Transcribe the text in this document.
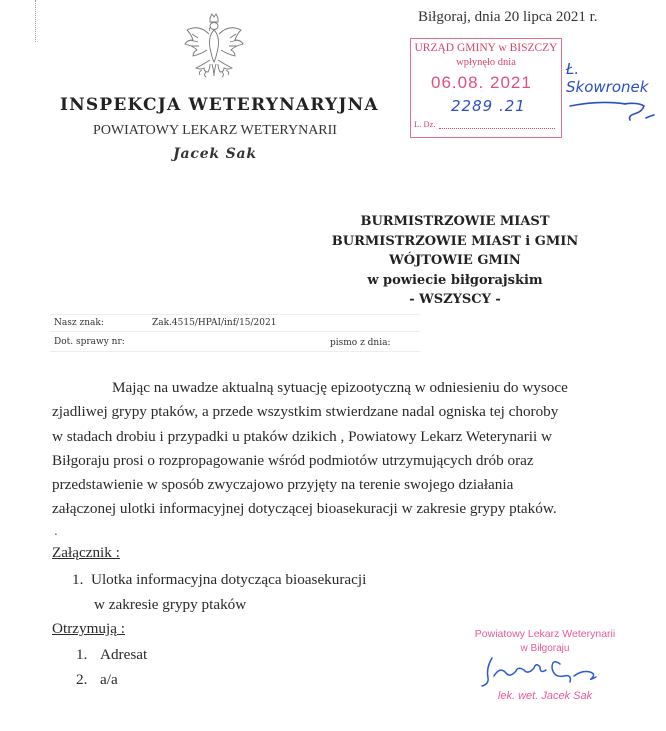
INSPEKCJA WETERYNARYJNA
POWIATOWY LEKARZ WETERYNARII
Jacek Sak
Biłgoraj, dnia 20 lipca 2021 r.
URZĄD GMINY w BISZCZY
wpłynęło dnia
06.08. 2021
2289 .21
L. Dz.
Ł. Skowronek
BURMISTRZOWIE MIAST
BURMISTRZOWIE MIAST i GMIN
WÓJTOWIE GMIN
w powiecie biłgorajskim
- WSZYSCY -
Nasz znak:	Zak.4515/HPAI/inf/15/2021
Dot. sprawy nr:	pismo z dnia:
Mając na uwadze aktualną sytuację epizootyczną w odniesieniu do wysoce
zjadliwej grypy ptaków, a przede wszystkim stwierdzane nadal ogniska tej choroby
w stadach drobiu i przypadki u ptaków dzikich , Powiatowy Lekarz Weterynarii w
Biłgoraju prosi o rozpropagowanie wśród podmiotów utrzymujących drób oraz
przedstawienie w sposób zwyczajowo przyjęty na terenie swojego działania
załączonej ulotki informacyjnej dotyczącej bioasekuracji w zakresie grypy ptaków.
.
Załącznik :
1. Ulotka informacyjna dotycząca bioasekuracji
w zakresie grypy ptaków
Otrzymują :
1. Adresat
2. a/a
Powiatowy Lekarz Weterynarii
w Biłgoraju
lek. wet. Jacek Sak
